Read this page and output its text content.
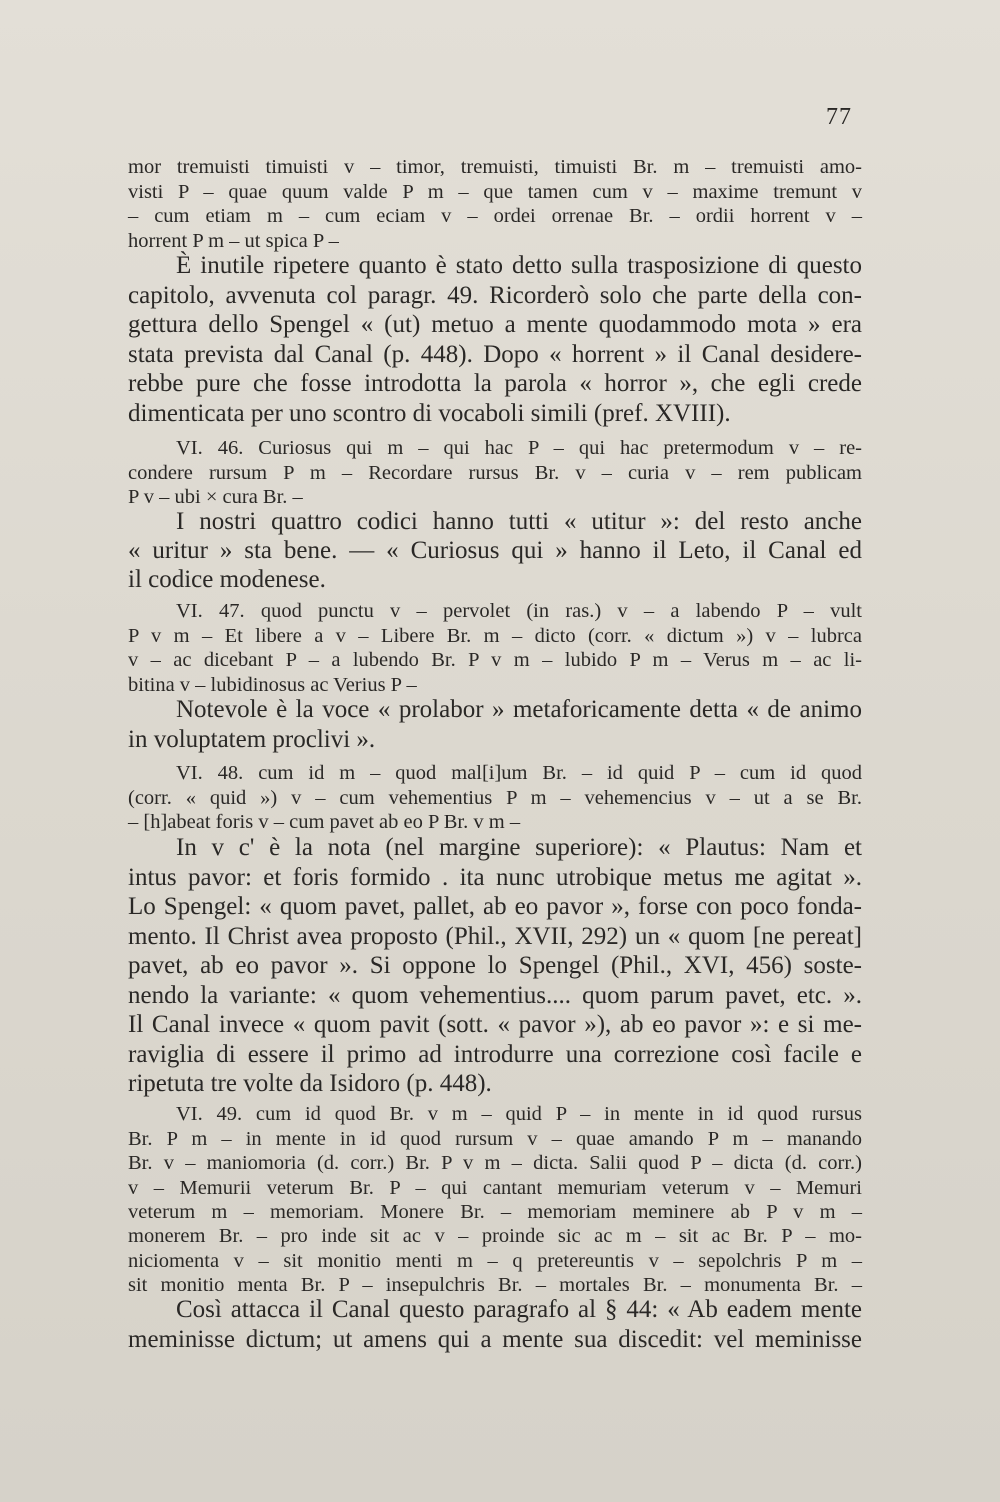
77
mor tremuisti timuisti v – timor, tremuisti, timuisti Br. m – tremuisti amo-
visti P – quae quum valde P m – que tamen cum v – maxime tremunt v
– cum etiam m – cum eciam v – ordei orrenae Br. – ordii horrent v –
horrent P m – ut spica P –
È inutile ripetere quanto è stato detto sulla trasposizione di questo
capitolo, avvenuta col paragr. 49. Ricorderò solo che parte della con-
gettura dello Spengel « (ut) metuo a mente quodammodo mota » era
stata prevista dal Canal (p. 448). Dopo « horrent » il Canal desidere-
rebbe pure che fosse introdotta la parola « horror », che egli crede
dimenticata per uno scontro di vocaboli simili (pref. XVIII).
VI. 46. Curiosus qui m – qui hac P – qui hac pretermodum v – re-
condere rursum P m – Recordare rursus Br. v – curia v – rem publicam
P v – ubi × cura Br. –
I nostri quattro codici hanno tutti « utitur »: del resto anche
« uritur » sta bene. — « Curiosus qui » hanno il Leto, il Canal ed
il codice modenese.
VI. 47. quod punctu v – pervolet (in ras.) v – a labendo P – vult
P v m – Et libere a v – Libere Br. m – dicto (corr. « dictum ») v – lubrca
v – ac dicebant P – a lubendo Br. P v m – lubido P m – Verus m – ac li-
bitina v – lubidinosus ac Verius P –
Notevole è la voce « prolabor » metaforicamente detta « de animo
in voluptatem proclivi ».
VI. 48. cum id m – quod mal[i]um Br. – id quid P – cum id quod
(corr. « quid ») v – cum vehementius P m – vehemencius v – ut a se Br.
– [h]abeat foris v – cum pavet ab eo P Br. v m –
In v c' è la nota (nel margine superiore): « Plautus: Nam et
intus pavor: et foris formido . ita nunc utrobique metus me agitat ».
Lo Spengel: « quom pavet, pallet, ab eo pavor », forse con poco fonda-
mento. Il Christ avea proposto (Phil., XVII, 292) un « quom [ne pereat]
pavet, ab eo pavor ». Si oppone lo Spengel (Phil., XVI, 456) soste-
nendo la variante: « quom vehementius.... quom parum pavet, etc. ».
Il Canal invece « quom pavit (sott. « pavor »), ab eo pavor »: e si me-
raviglia di essere il primo ad introdurre una correzione così facile e
ripetuta tre volte da Isidoro (p. 448).
VI. 49. cum id quod Br. v m – quid P – in mente in id quod rursus
Br. P m – in mente in id quod rursum v – quae amando P m – manando
Br. v – maniomoria (d. corr.) Br. P v m – dicta. Salii quod P – dicta (d. corr.)
v – Memurii veterum Br. P – qui cantant memuriam veterum v – Memuri
veterum m – memoriam. Monere Br. – memoriam meminere ab P v m –
monerem Br. – pro inde sit ac v – proinde sic ac m – sit ac Br. P – mo-
niciomenta v – sit monitio menti m – q pretereuntis v – sepolchris P m –
sit monitio menta Br. P – insepulchris Br. – mortales Br. – monumenta Br. –
Così attacca il Canal questo paragrafo al § 44: « Ab eadem mente
meminisse dictum; ut amens qui a mente sua discedit: vel meminisse
